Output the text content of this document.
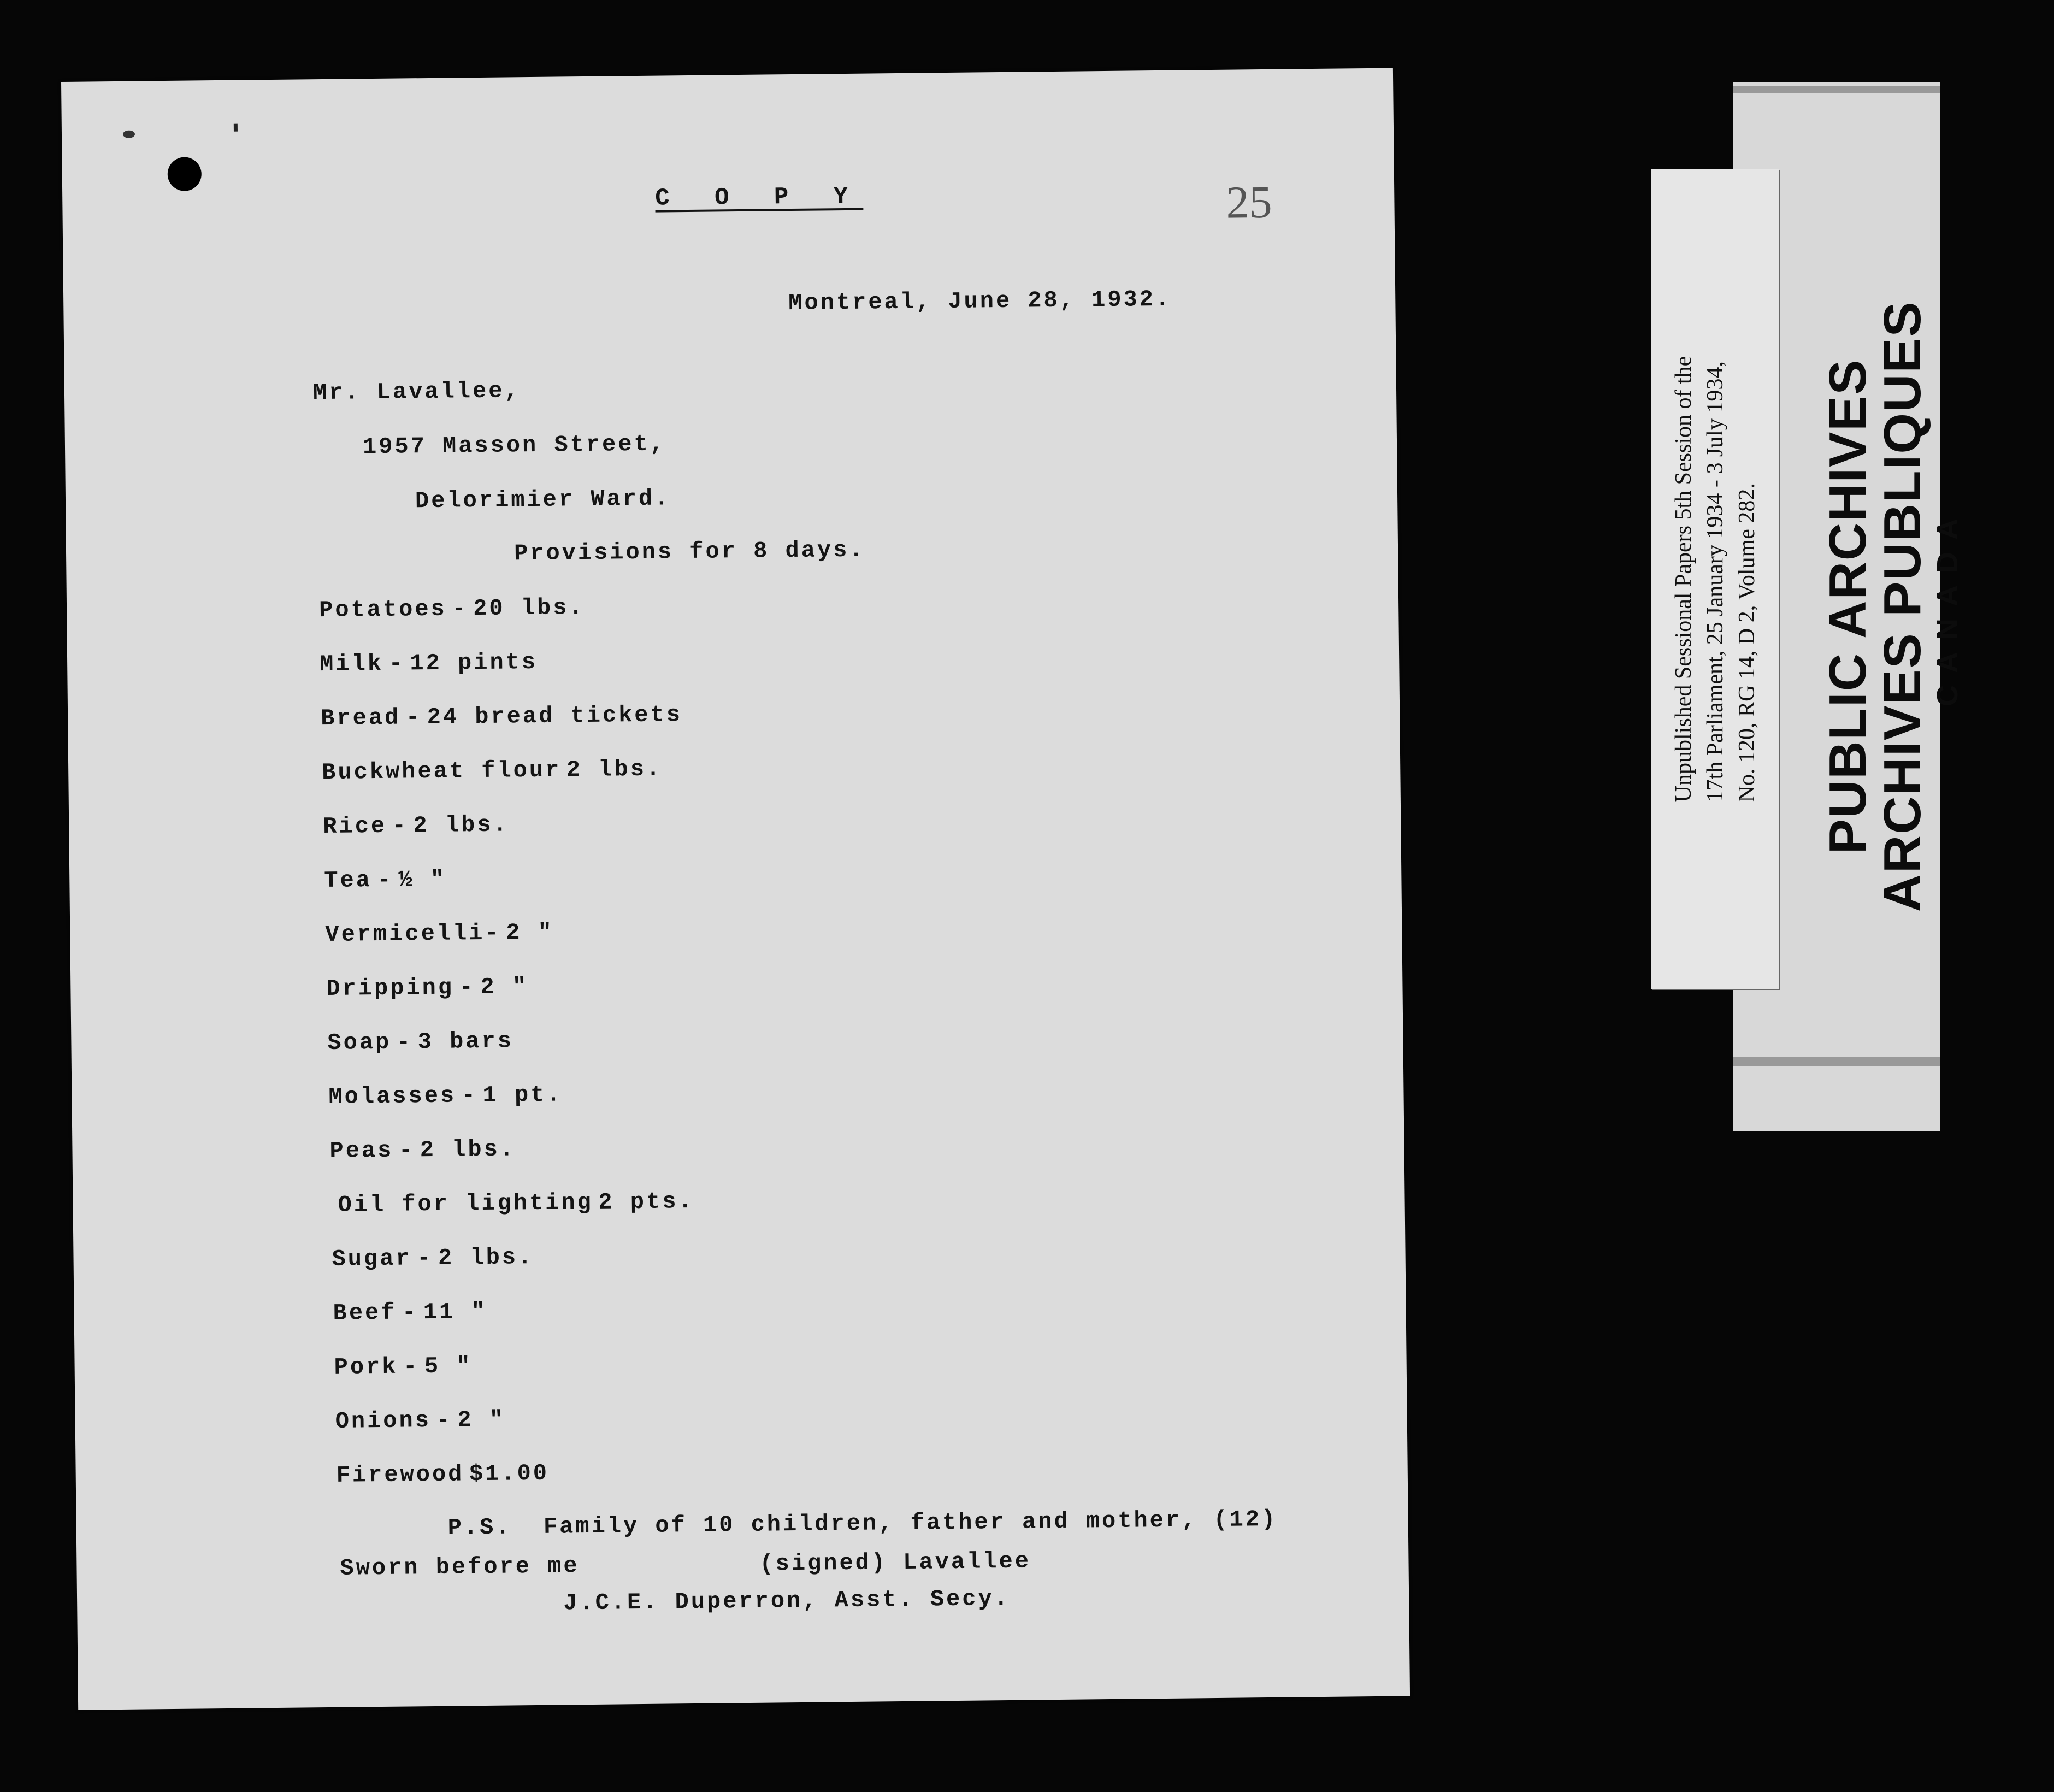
C O P Y	25
Montreal, June 28, 1932.
Mr. Lavallee,
1957 Masson Street,
Delorimier Ward.
Provisions for 8 days.
Potatoes - 20 lbs.
Milk - 12 pints
Bread - 24 bread tickets
Buckwheat flour 2 lbs.
Rice - 2 lbs.
Tea - ½ "
Vermicelli- 2 "
Dripping - 2 "
Soap - 3 bars
Molasses - 1 pt.
Peas - 2 lbs.
Oil for lighting 2 pts.
Sugar - 2 lbs.
Beef - 11 "
Pork - 5 "
Onions - 2 "
Firewood $1.00
P.S.  Family of 10 children, father and mother, (12)
Sworn before me	(signed) Lavallee
J.C.E. Duperron, Asst. Secy.
PUBLIC ARCHIVES
ARCHIVES PUBLIQUES CANADA
Unpublished Sessional Papers 5th Session of the 17th Parliament, 25 January 1934 - 3 July 1934, No. 120, RG 14, D 2, Volume 282.
